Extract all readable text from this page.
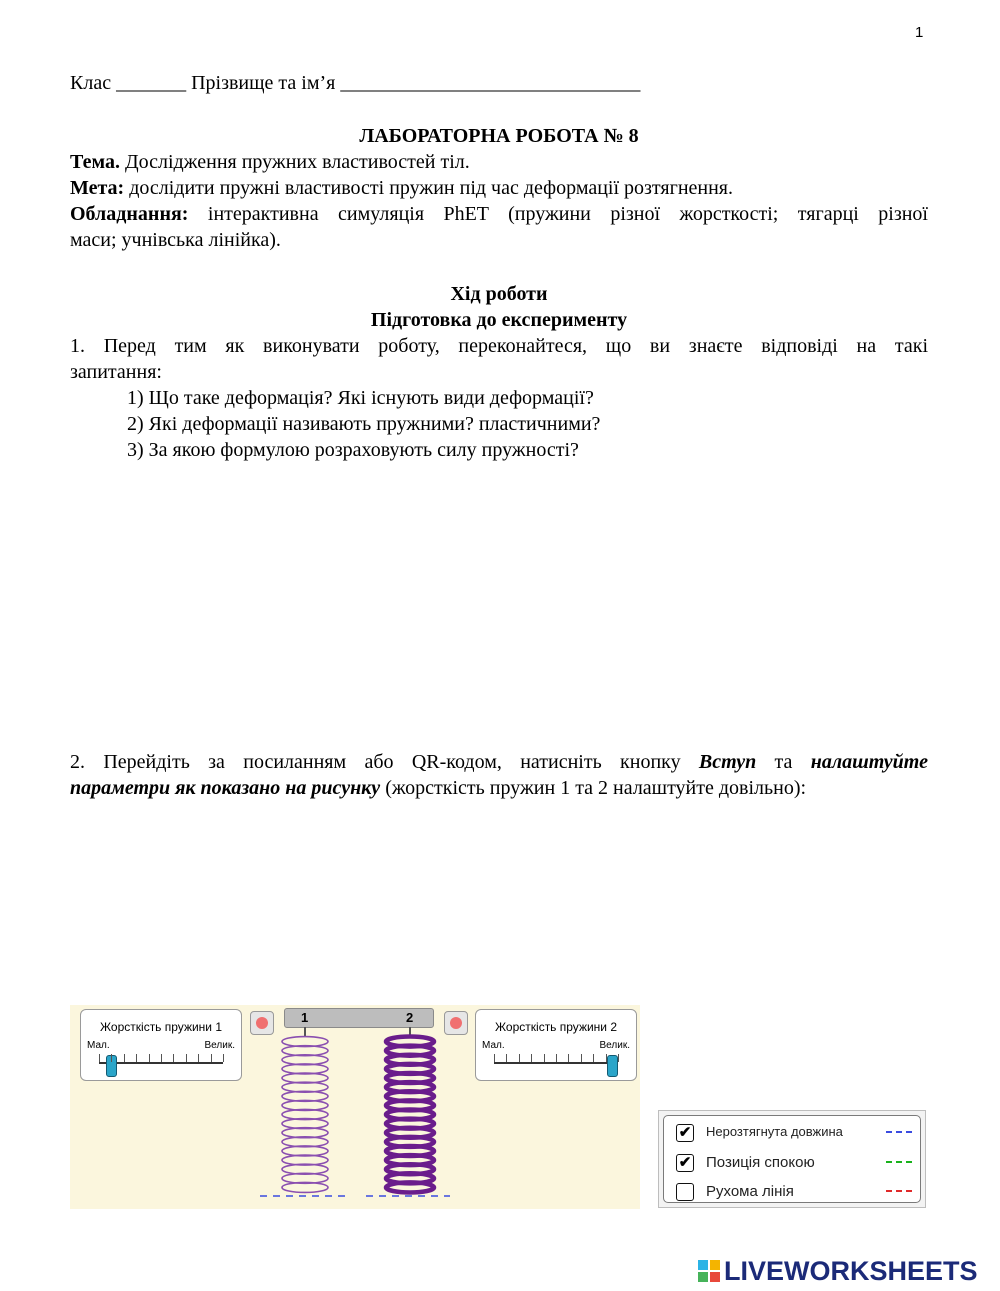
1
Клас _______ Прізвище та ім’я ______________________________
ЛАБОРАТОРНА РОБОТА № 8
Тема. Дослідження пружних властивостей тіл.
Мета: дослідити пружні властивості пружин під час деформації розтягнення.
Обладнання: інтерактивна симуляція PhET (пружини різної жорсткості; тягарці різної
маси; учнівська лінійка).
Хід роботи
Підготовка до експерименту
1. Перед тим як виконувати роботу, переконайтеся, що ви знаєте відповіді на такі
запитання:
1) Що таке деформація? Які існують види деформації?
2) Які деформації називають пружними? пластичними?
3) За якою формулою розраховують силу пружності?
2. Перейдіть за посиланням або QR-кодом, натисніть кнопку Вступ та налаштуйте
параметри як показано на рисунку (жорсткість пружин 1 та 2 налаштуйте довільно):
Жорсткість пружини 1
Мал.	Велик.
1	2
Жорсткість пружини 2
Мал.	Велик.
✔ Нерозтягнута довжина
✔ Позиція спокою
Рухома лінія
LIVEWORKSHEETS
